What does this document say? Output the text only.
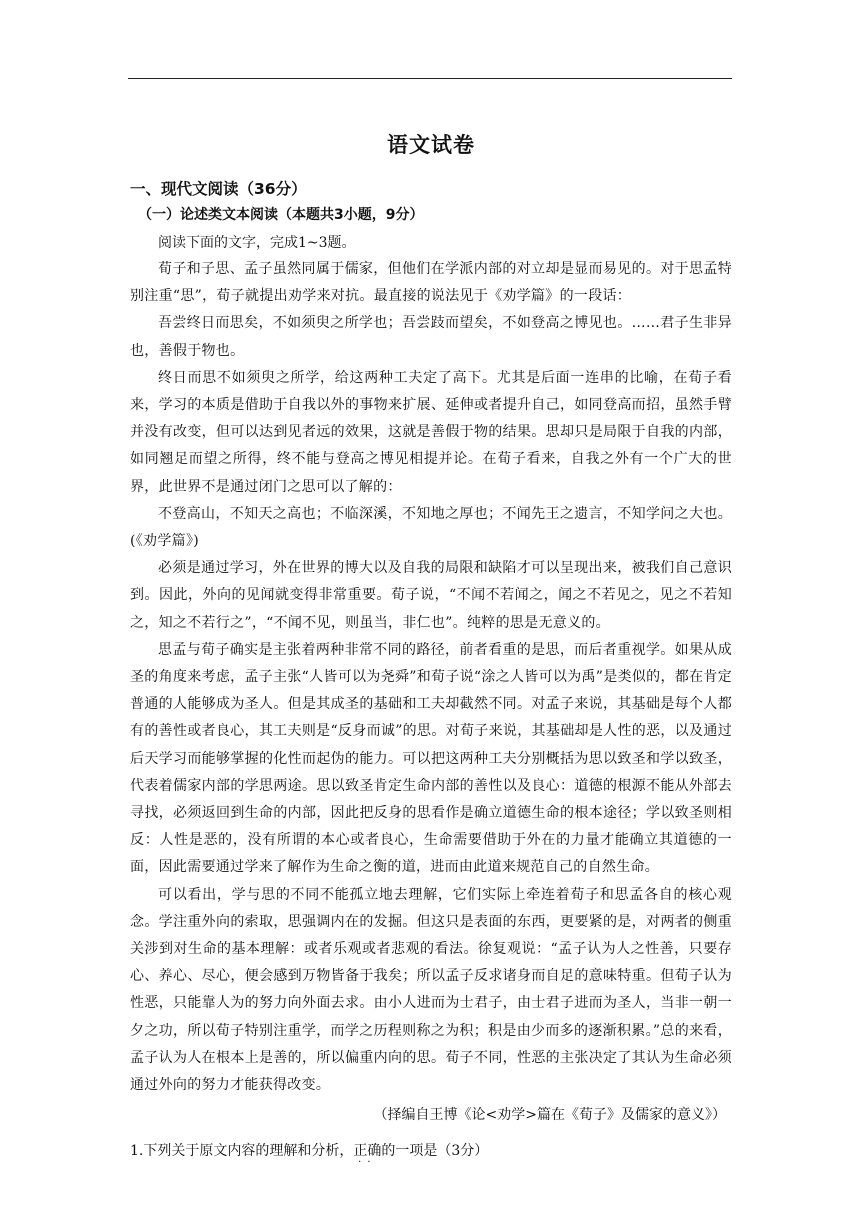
语文试卷
一、现代文阅读（36分）
（一）论述类文本阅读（本题共3小题，9分）

阅读下面的文字，完成1~3题。

荀子和子思、孟子虽然同属于儒家，但他们在学派内部的对立却是显而易见的。对于思孟特别注重“思”，荀子就提出劝学来对抗。最直接的说法见于《劝学篇》的一段话：

吾尝终日而思矣，不如须臾之所学也；吾尝跂而望矣，不如登高之博见也。……君子生非异也，善假于物也。

终日而思不如须臾之所学，给这两种工夫定了高下。尤其是后面一连串的比喻，在荀子看来，学习的本质是借助于自我以外的事物来扩展、延伸或者提升自己，如同登高而招，虽然手臂并没有改变，但可以达到见者远的效果，这就是善假于物的结果。思却只是局限于自我的内部，如同翘足而望之所得，终不能与登高之博见相提并论。在荀子看来，自我之外有一个广大的世界，此世界不是通过闭门之思可以了解的：

不登高山，不知天之高也；不临深溪，不知地之厚也；不闻先王之遗言，不知学问之大也。(《劝学篇》)

必须是通过学习，外在世界的博大以及自我的局限和缺陷才可以呈现出来，被我们自己意识到。因此，外向的见闻就变得非常重要。荀子说，“不闻不若闻之，闻之不若见之，见之不若知之，知之不若行之”，“不闻不见，则虽当，非仁也”。纯粹的思是无意义的。

思孟与荀子确实是主张着两种非常不同的路径，前者看重的是思，而后者重视学。如果从成圣的角度来考虑，孟子主张“人皆可以为尧舜”和荀子说“涂之人皆可以为禹”是类似的，都在肯定普通的人能够成为圣人。但是其成圣的基础和工夫却截然不同。对孟子来说，其基础是每个人都有的善性或者良心，其工夫则是“反身而诚”的思。对荀子来说，其基础却是人性的恶，以及通过后天学习而能够掌握的化性而起伪的能力。可以把这两种工夫分别概括为思以致圣和学以致圣，代表着儒家内部的学思两途。思以致圣肯定生命内部的善性以及良心：道德的根源不能从外部去寻找，必须返回到生命的内部，因此把反身的思看作是确立道德生命的根本途径；学以致圣则相反：人性是恶的，没有所谓的本心或者良心，生命需要借助于外在的力量才能确立其道德的一面，因此需要通过学来了解作为生命之衡的道，进而由此道来规范自己的自然生命。

可以看出，学与思的不同不能孤立地去理解，它们实际上牵连着荀子和思孟各自的核心观念。学注重外向的索取，思强调内在的发掘。但这只是表面的东西，更要紧的是，对两者的侧重关涉到对生命的基本理解：或者乐观或者悲观的看法。徐复观说：“孟子认为人之性善，只要存心、养心、尽心，便会感到万物皆备于我矣；所以孟子反求诸身而自足的意味特重。但荀子认为性恶，只能靠人为的努力向外面去求。由小人进而为士君子，由士君子进而为圣人，当非一朝一夕之功，所以荀子特别注重学，而学之历程则称之为积；积是由少而多的逐渐积累。”总的来看，孟子认为人在根本上是善的，所以偏重内向的思。荀子不同，性恶的主张决定了其认为生命必须通过外向的努力才能获得改变。

（择编自王博《论<劝学>篇在《荀子》及儒家的意义》）

1.下列关于原文内容的理解和分析，正确
··
的一项是（3分）
